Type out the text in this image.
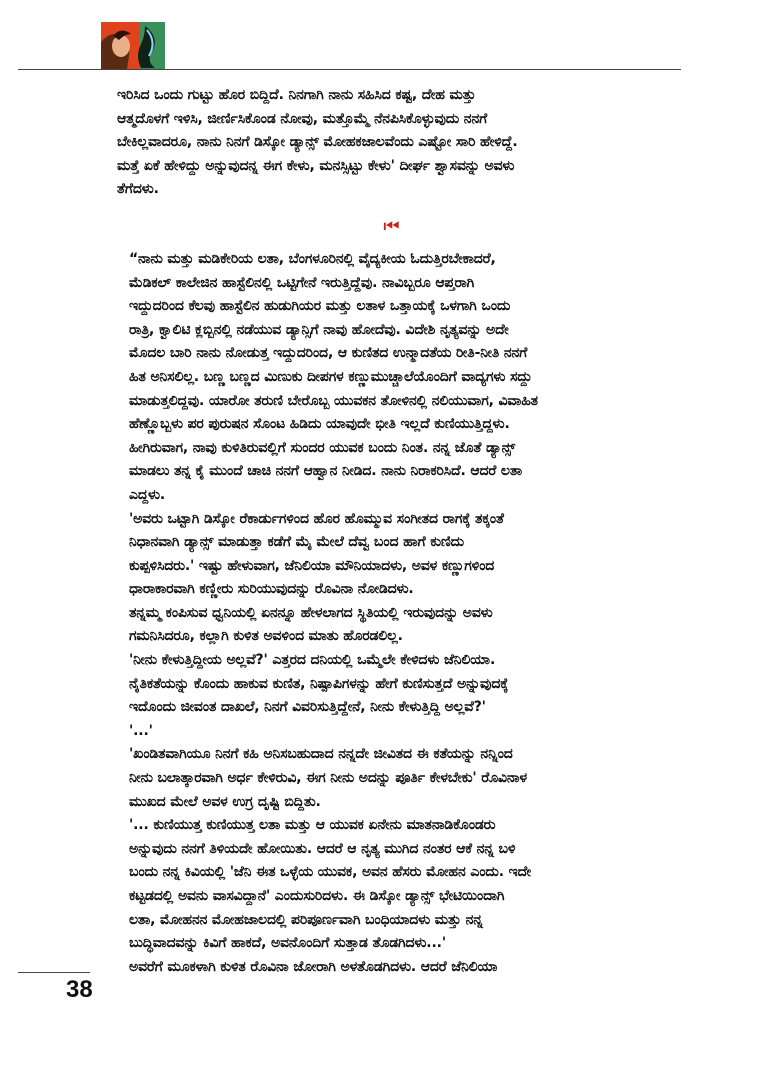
ಇರಿಸಿದ ಒಂದು ಗುಟ್ಟು ಹೊರ ಬಿದ್ದಿದೆ. ನಿನಗಾಗಿ ನಾನು ಸಹಿಸಿದ ಕಷ್ಟ, ದೇಹ ಮತ್ತು
ಆತ್ಮದೊಳಗೆ ಇಳಿಸಿ, ಜೀರ್ಣಿಸಿಕೊಂಡ ನೋವು, ಮತ್ತೊಮ್ಮೆ ನೆನಪಿಸಿಕೊಳ್ಳುವುದು ನನಗೆ
ಬೇಕಿಲ್ಲವಾದರೂ, ನಾನು ನಿನಗೆ ಡಿಸ್ಕೋ ಡ್ಯಾನ್ಸ್ ಮೋಹಕಜಾಲವೆಂದು ಎಷ್ಟೋ ಸಾರಿ ಹೇಳಿದ್ದೆ.
ಮತ್ತೆ ಏಕೆ ಹೇಳಿದ್ದು ಅನ್ನುವುದನ್ನ ಈಗ ಕೇಳು, ಮನಸ್ಸಿಟ್ಟು ಕೇಳು' ದೀರ್ಘ ಶ್ವಾಸವನ್ನು ಅವಳು
ತೆಗೆದಳು.

⏮

“ನಾನು ಮತ್ತು ಮಡಿಕೇರಿಯ ಲತಾ, ಬೆಂಗಳೂರಿನಲ್ಲಿ ವೈದ್ಯಕೀಯ ಓದುತ್ತಿರಬೇಕಾದರೆ,
ಮೆಡಿಕಲ್ ಕಾಲೇಜಿನ ಹಾಸ್ಟೆಲಿನಲ್ಲಿ ಒಟ್ಟಿಗೇನೆ ಇರುತ್ತಿದ್ದೆವು. ನಾವಿಬ್ಬರೂ ಆಪ್ತರಾಗಿ
ಇದ್ದುದರಿಂದ ಕೆಲವು ಹಾಸ್ಟೆಲಿನ ಹುಡುಗಿಯರ ಮತ್ತು ಲತಾಳ ಒತ್ತಾಯಕ್ಕೆ ಒಳಗಾಗಿ ಒಂದು
ರಾತ್ರಿ, ಕ್ವಾಲಿಟಿ ಕ್ಲಬ್ಬಿನಲ್ಲಿ ನಡೆಯುವ ಡ್ಯಾನ್ಸಿಗೆ ನಾವು ಹೋದೆವು. ವಿದೇಶಿ ನೃತ್ಯವನ್ನು ಅದೇ
ಮೊದಲ ಬಾರಿ ನಾನು ನೋಡುತ್ತ ಇದ್ದುದರಿಂದ, ಆ ಕುಣಿತದ ಉನ್ಮಾದತೆಯ ರೀತಿ-ನೀತಿ ನನಗೆ
ಹಿತ ಅನಿಸಲಿಲ್ಲ. ಬಣ್ಣ ಬಣ್ಣದ ಮಿಣುಕು ದೀಪಗಳ ಕಣ್ಣುಮುಚ್ಚಾಲೆಯೊಂದಿಗೆ ವಾದ್ಯಗಳು ಸದ್ದು
ಮಾಡುತ್ತಲಿದ್ದವು. ಯಾರೋ ತರುಣಿ ಬೇರೊಬ್ಬ ಯುವಕನ ತೋಳಿನಲ್ಲಿ ನಲಿಯುವಾಗ, ವಿವಾಹಿತ
ಹೆಣ್ಣೊಬ್ಬಳು ಪರ ಪುರುಷನ ಸೊಂಟ ಹಿಡಿದು ಯಾವುದೇ ಭೀತಿ ಇಲ್ಲದೆ ಕುಣಿಯುತ್ತಿದ್ದಳು.
ಹೀಗಿರುವಾಗ, ನಾವು ಕುಳಿತಿರುವಲ್ಲಿಗೆ ಸುಂದರ ಯುವಕ ಬಂದು ನಿಂತ. ನನ್ನ ಜೊತೆ ಡ್ಯಾನ್ಸ್
ಮಾಡಲು ತನ್ನ ಕೈ ಮುಂದೆ ಚಾಚಿ ನನಗೆ ಆಹ್ವಾನ ನೀಡಿದ. ನಾನು ನಿರಾಕರಿಸಿದೆ. ಆದರೆ ಲತಾ
ಎದ್ದಳು.

'ಅವರು ಒಟ್ಟಾಗಿ ಡಿಸ್ಕೋ ರೆಕಾರ್ಡುಗಳಿಂದ ಹೊರ ಹೊಮ್ಮುವ ಸಂಗೀತದ ರಾಗಕ್ಕೆ ತಕ್ಕಂತೆ
ನಿಧಾನವಾಗಿ ಡ್ಯಾನ್ಸ್ ಮಾಡುತ್ತಾ ಕಡೆಗೆ ಮೈ ಮೇಲೆ ದೆವ್ವ ಬಂದ ಹಾಗೆ ಕುಣಿದು
ಕುಪ್ಪಳಿಸಿದರು.' ಇಷ್ಟು ಹೇಳುವಾಗ, ಜೆನಿಲಿಯಾ ಮೌನಿಯಾದಳು, ಅವಳ ಕಣ್ಣುಗಳಿಂದ
ಧಾರಾಕಾರವಾಗಿ ಕಣ್ಣೀರು ಸುರಿಯುವುದನ್ನು ರೊವಿನಾ ನೋಡಿದಳು.

ತನ್ನಮ್ಮ ಕಂಪಿಸುವ ಧ್ವನಿಯಲ್ಲಿ ಏನನ್ನೂ ಹೇಳಲಾಗದ ಸ್ಥಿತಿಯಲ್ಲಿ ಇರುವುದನ್ನು ಅವಳು
ಗಮನಿಸಿದರೂ, ಕಲ್ಲಾಗಿ ಕುಳಿತ ಅವಳಿಂದ ಮಾತು ಹೊರಡಲಿಲ್ಲ.

'ನೀನು ಕೇಳುತ್ತಿದ್ದೀಯ ಅಲ್ಲವೆ?' ಎತ್ತರದ ದನಿಯಲ್ಲಿ ಒಮ್ಮೆಲೇ ಕೇಳಿದಳು ಜೆನಿಲಿಯಾ.
ನೈತಿಕತೆಯನ್ನು ಕೊಂದು ಹಾಕುವ ಕುಣಿತ, ನಿಷ್ಪಾಪಿಗಳನ್ನು ಹೇಗೆ ಕುಣಿಸುತ್ತದೆ ಅನ್ನುವುದಕ್ಕೆ
ಇದೊಂದು ಜೀವಂತ ದಾಖಲೆ, ನಿನಗೆ ವಿವರಿಸುತ್ತಿದ್ದೇನೆ, ನೀನು ಕೇಳುತ್ತಿದ್ದಿ ಅಲ್ಲವೆ?'

'...'

'ಖಂಡಿತವಾಗಿಯೂ ನಿನಗೆ ಕಹಿ ಅನಿಸಬಹುದಾದ ನನ್ನದೇ ಜೀವಿತದ ಈ ಕತೆಯನ್ನು ನನ್ನಿಂದ
ನೀನು ಬಲಾತ್ಕಾರವಾಗಿ ಅರ್ಧ ಕೇಳಿರುವಿ, ಈಗ ನೀನು ಅದನ್ನು ಪೂರ್ತಿ ಕೇಳಬೇಕು' ರೊವಿನಾಳ
ಮುಖದ ಮೇಲೆ ಅವಳ ಉಗ್ರ ದೃಷ್ಟಿ ಬಿದ್ದಿತು.

'... ಕುಣಿಯುತ್ತ ಕುಣಿಯುತ್ತ ಲತಾ ಮತ್ತು ಆ ಯುವಕ ಏನೇನು ಮಾತನಾಡಿಕೊಂಡರು
ಅನ್ನುವುದು ನನಗೆ ತಿಳಿಯದೇ ಹೋಯಿತು. ಆದರೆ ಆ ನೃತ್ಯ ಮುಗಿದ ನಂತರ ಆಕೆ ನನ್ನ ಬಳಿ
ಬಂದು ನನ್ನ ಕಿವಿಯಲ್ಲಿ 'ಜೆನಿ ಈತ ಒಳ್ಳೆಯ ಯುವಕ, ಅವನ ಹೆಸರು ಮೋಹನ ಎಂದು. ಇದೇ
ಕಟ್ಟಡದಲ್ಲಿ ಅವನು ವಾಸವಿದ್ದಾನೆ' ಎಂದುಸುರಿದಳು. ಈ ಡಿಸ್ಕೋ ಡ್ಯಾನ್ಸ್ ಭೇಟಿಯಿಂದಾಗಿ
ಲತಾ, ಮೋಹನನ ಮೋಹಜಾಲದಲ್ಲಿ ಪರಿಪೂರ್ಣವಾಗಿ ಬಂಧಿಯಾದಳು ಮತ್ತು ನನ್ನ
ಬುದ್ಧಿವಾದವನ್ನು ಕಿವಿಗೆ ಹಾಕದೆ, ಅವನೊಂದಿಗೆ ಸುತ್ತಾಡ ತೊಡಗಿದಳು...'

ಅವರೆಗೆ ಮೂಕಳಾಗಿ ಕುಳಿತ ರೊವಿನಾ ಜೋರಾಗಿ ಅಳತೊಡಗಿದಳು. ಆದರೆ ಜೆನಿಲಿಯಾ

38
